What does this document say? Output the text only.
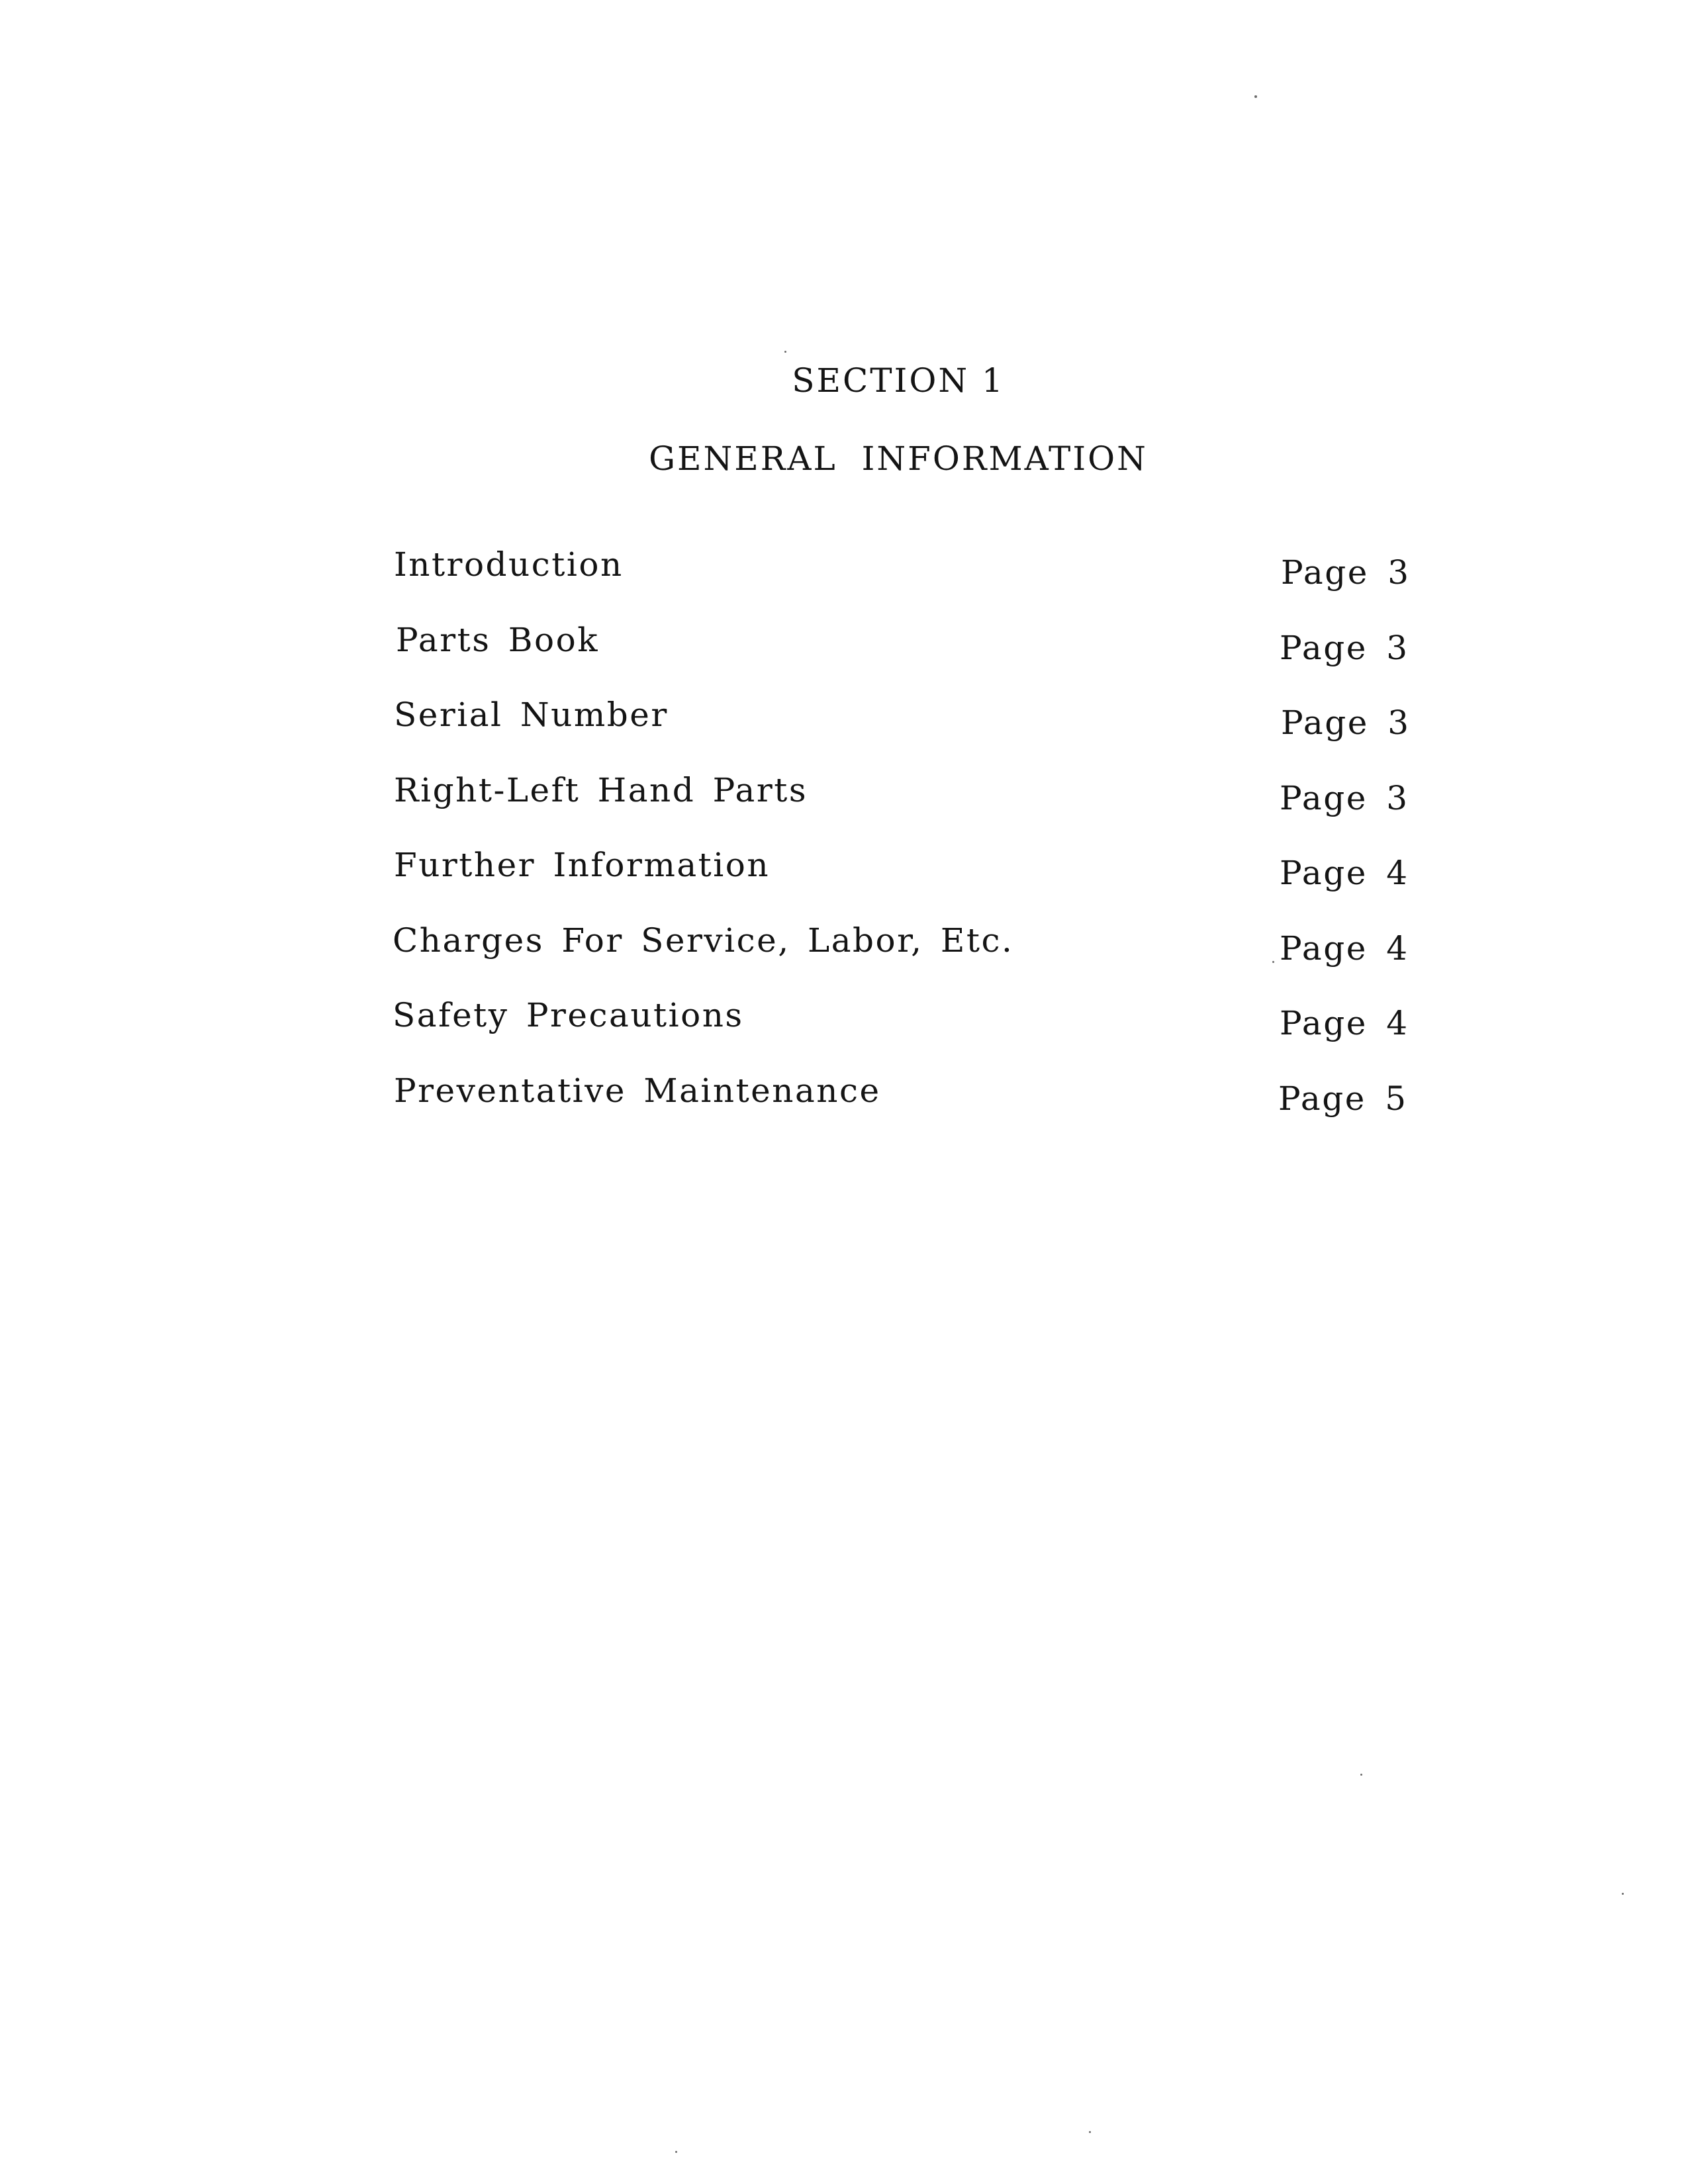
SECTION 1
GENERAL INFORMATION
Introduction	Page 3
Parts Book	Page 3
Serial Number	Page 3
Right-Left Hand Parts	Page 3
Further Information	Page 4
Charges For Service, Labor, Etc.	Page 4
Safety Precautions	Page 4
Preventative Maintenance	Page 5
